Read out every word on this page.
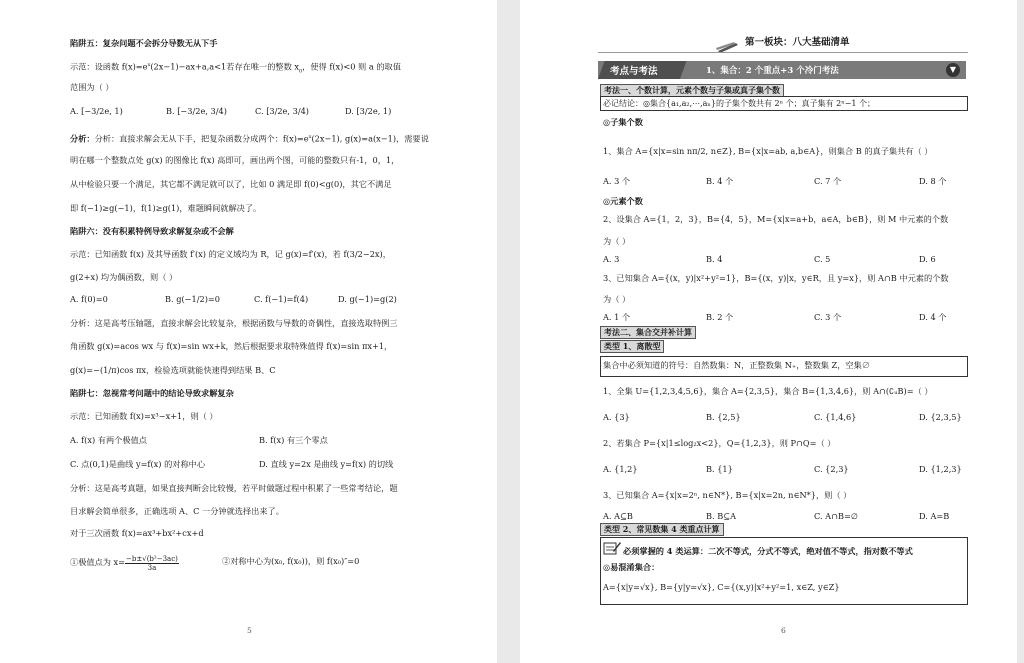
陷阱五：复杂问题不会拆分导数无从下手
示范：设函数 $f(x)=e^x(2x-1)-ax+a,a<1$若存在唯一的整数 $x_0$，使得 f(x)<0 则 a 的取值
范围为（ ）
A. [−3/2e, 1)	B. [−3/2e, 3/4)	C. [3/2e, 3/4)	D. [3/2e, 1)
分析：分析：直接求解会无从下手，把复杂函数分成两个：$f(x)=e^x(2x-1)$, g(x)=a(x−1)，需要说
明在哪一个整数点处 g(x) 的图像比 f(x) 高即可，画出两个图，可能的整数只有-1，0，1，
从中检验只要一个满足，其它都不满足就可以了，比如 0 满足即 f(0)<g(0)，其它不满足
即 f(−1)≥g(−1)，f(1)≥g(1)，难题瞬间就解决了。
陷阱六：没有积累特例导致求解复杂或不会解
示范：已知函数 f(x) 及其导函数 f′(x) 的定义域均为 R，记 g(x)=f′(x)，若 f(3/2−2x)，
g(2+x) 均为偶函数，则（ ）
A. f(0)=0	B. g(−1/2)=0	C. f(−1)=f(4)	D. g(−1)=g(2)
分析：这是高考压轴题，直接求解会比较复杂，根据函数与导数的奇偶性，直接选取特例三
角函数 g(x)=acos wx 与 f(x)=sin wx+k，然后根据要求取特殊值得 f(x)=sin πx+1，
g(x)=−(1/π)cos πx，检验选项就能快速得到结果 B、C
陷阱七：忽视常考问题中的结论导致求解复杂
示范：已知函数 f(x)=x³−x+1，则（ ）
A. f(x) 有两个极值点	B. f(x) 有三个零点
C. 点(0,1)是曲线 y=f(x) 的对称中心	D. 直线 y=2x 是曲线 y=f(x) 的切线
分析：这是高考真题，如果直接判断会比较慢，若平时做题过程中积累了一些常考结论，题
目求解会简单很多，正确选项 A、C 一分钟就选择出来了。
对于三次函数 f(x)=ax³+bx²+cx+d
①极值点为 $x= \frac{\text{−b±√(b²−3ac)}}{3a}$	②对称中心为(x₀, f(x₀))，则 f(x₀)″=0
5
第一板块：八大基础清单
考点与考法	1、集合：2 个重点+3 个冷门考法	▼
考法一、个数计算，元素个数与子集或真子集个数
必记结论：◎集合{a₁,a₂,⋯,aₙ}的子集个数共有 2ⁿ 个；真子集有 2ⁿ−1 个；
◎子集个数
1、集合 A={x|x=sin nπ/2, n∈Z}, B={x|x=ab, a,b∈A}，则集合 B 的真子集共有（ ）
A. 3 个	B. 4 个	C. 7 个	D. 8 个
◎元素个数
2、设集合 A={1，2，3}，B={4，5}，M={x|x=a+b，a∈A，b∈B}，则 M 中元素的个数
为（ ）
A. 3	B. 4	C. 5	D. 6
3、已知集合 A={(x，y)|x²+y²=1}，B={(x，y)|x，y∈R，且 y=x}，则 A∩B 中元素的个数
为（ ）
A. 1 个	B. 2 个	C. 3 个	D. 4 个
考法二、集合交并补计算
类型 1、离散型
集合中必须知道的符号：自然数集：N，正整数集 N₊，整数集 Z，空集∅
1、全集 U={1,2,3,4,5,6}，集合 A={2,3,5}，集合 B={1,3,4,6}，则 A∩(∁ᵤB)=（ ）
A. {3}	B. {2,5}	C. {1,4,6}	D. {2,3,5}
2、若集合 P={x|1≤log₂x<2}，Q={1,2,3}，则 P∩Q=（ ）
A. {1,2}	B. {1}	C. {2,3}	D. {1,2,3}
3、已知集合 A={x|x=2ⁿ, n∈N*}, B={x|x=2n, n∈N*}，则（ ）
A. A⊆B	B. B⊆A	C. A∩B=∅	D. A=B
类型 2、常见数集 4 类重点计算
必须掌握的 4 类运算：二次不等式，分式不等式，绝对值不等式，指对数不等式
◎易混淆集合：
A={x|y=√x}, B={y|y=√x}, C={(x,y)|x²+y²=1, x∈Z, y∈Z}
6
